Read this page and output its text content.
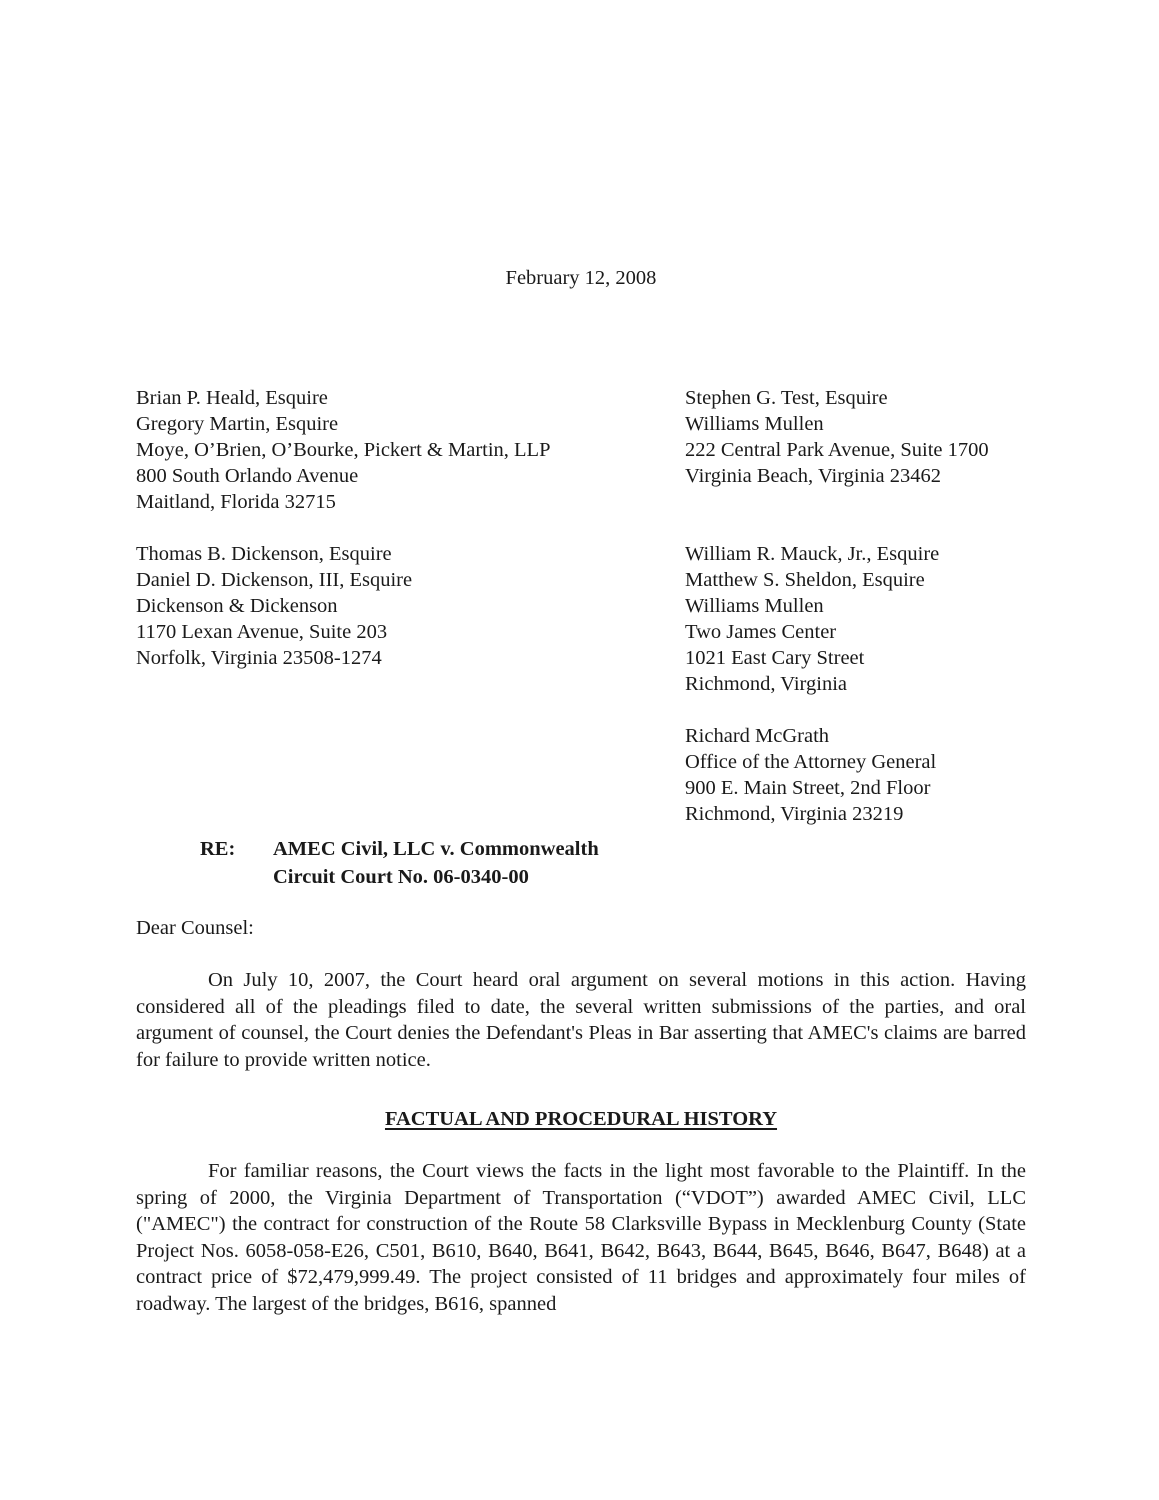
February 12, 2008
Brian P. Heald, Esquire
Gregory Martin, Esquire
Moye, O’Brien, O’Bourke, Pickert & Martin, LLP
800 South Orlando Avenue
Maitland, Florida 32715
Thomas B. Dickenson, Esquire
Daniel D. Dickenson, III, Esquire
Dickenson & Dickenson
1170 Lexan Avenue, Suite 203
Norfolk, Virginia 23508-1274
Stephen G. Test, Esquire
Williams Mullen
222 Central Park Avenue, Suite 1700
Virginia Beach, Virginia 23462
William R. Mauck, Jr., Esquire
Matthew S. Sheldon, Esquire
Williams Mullen
Two James Center
1021 East Cary Street
Richmond, Virginia
Richard McGrath
Office of the Attorney General
900 E. Main Street, 2nd Floor
Richmond, Virginia 23219
RE:	AMEC Civil, LLC v. Commonwealth
Circuit Court No. 06-0340-00
Dear Counsel:

On July 10, 2007, the Court heard oral argument on several motions in this action. Having considered all of the pleadings filed to date, the several written submissions of the parties, and oral argument of counsel, the Court denies the Defendant's Pleas in Bar asserting that AMEC's claims are barred for failure to provide written notice.

FACTUAL AND PROCEDURAL HISTORY

For familiar reasons, the Court views the facts in the light most favorable to the Plaintiff. In the spring of 2000, the Virginia Department of Transportation (“VDOT”) awarded AMEC Civil, LLC ("AMEC") the contract for construction of the Route 58 Clarksville Bypass in Mecklenburg County (State Project Nos. 6058-058-E26, C501, B610, B640, B641, B642, B643, B644, B645, B646, B647, B648) at a contract price of $72,479,999.49. The project consisted of 11 bridges and approximately four miles of roadway. The largest of the bridges, B616, spanned
